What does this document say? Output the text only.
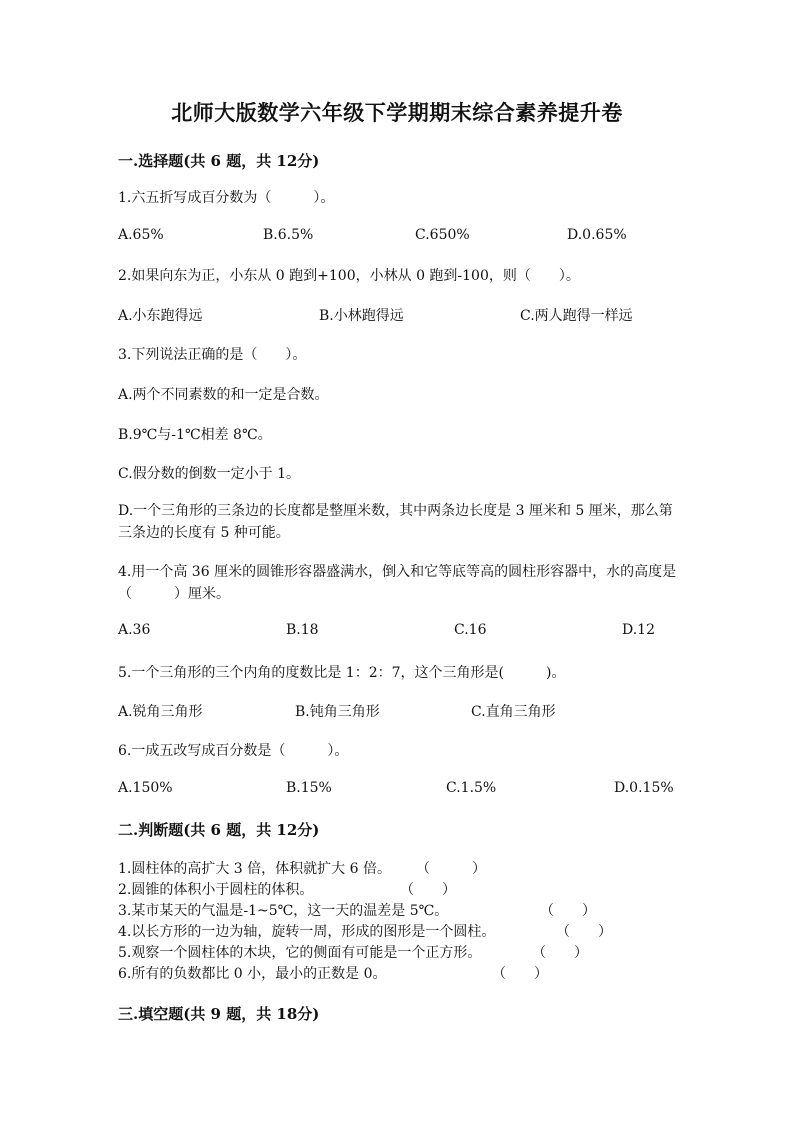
北师大版数学六年级下学期期末综合素养提升卷
一.选择题(共 6 题，共 12分)
1.六五折写成百分数为（　　　）。
A.65%	B.6.5%	C.650%	D.0.65%
2.如果向东为正，小东从 0 跑到+100，小林从 0 跑到-100，则（　　）。
A.小东跑得远	B.小林跑得远	C.两人跑得一样远
3.下列说法正确的是（　　）。
A.两个不同素数的和一定是合数。
B.9℃与-1℃相差 8℃。
C.假分数的倒数一定小于 1。
D.一个三角形的三条边的长度都是整厘米数，其中两条边长度是 3 厘米和 5 厘米，那么第三条边的长度有 5 种可能。
4.用一个高 36 厘米的圆锥形容器盛满水，倒入和它等底等高的圆柱形容器中，水的高度是（　　　）厘米。
A.36	B.18	C.16	D.12
5.一个三角形的三个内角的度数比是 1：2：7，这个三角形是(　　　)。
A.锐角三角形	B.钝角三角形	C.直角三角形
6.一成五改写成百分数是（　　　）。
A.150%	B.15%	C.1.5%	D.0.15%
二.判断题(共 6 题，共 12分)
1.圆柱体的高扩大 3 倍，体积就扩大 6 倍。 （　　　）
2.圆锥的体积小于圆柱的体积。	（　　）
3.某市某天的气温是-1~5℃，这一天的温差是 5℃。	（　　）
4.以长方形的一边为轴，旋转一周，形成的图形是一个圆柱。	（　　）
5.观察一个圆柱体的木块，它的侧面有可能是一个正方形。	（　　）
6.所有的负数都比 0 小，最小的正数是 0。	（　　）
三.填空题(共 9 题，共 18分)
